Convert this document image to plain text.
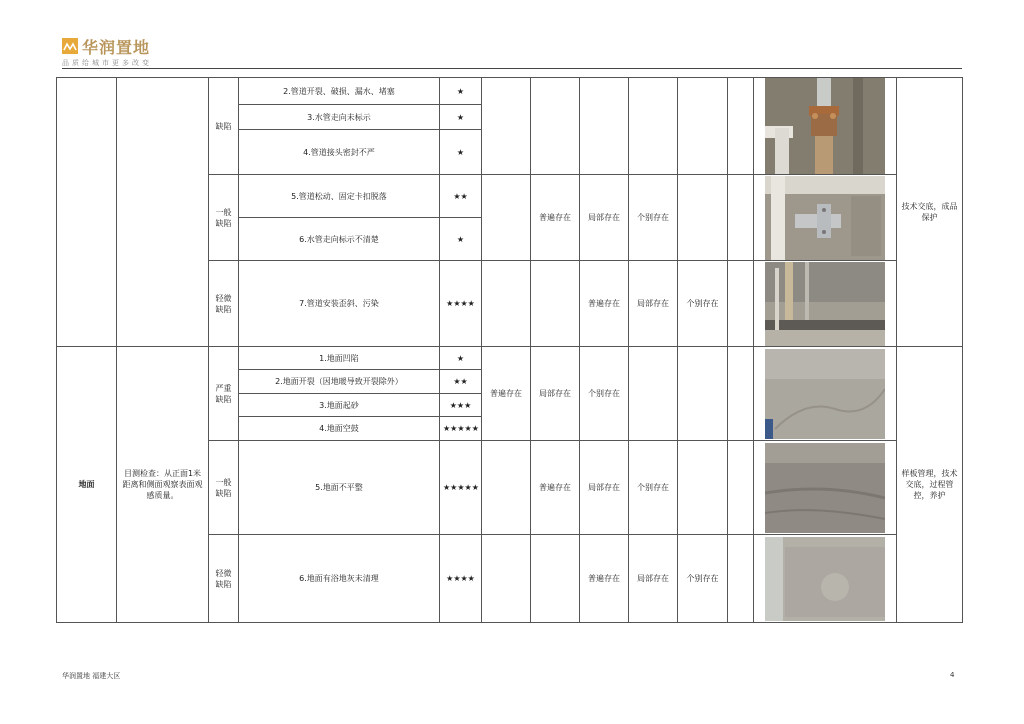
华润置地
品质给城市更多改变
		缺陷	2.管道开裂、破损、漏水、堵塞	★								技术交底，成品保护
			3.水管走向未标示	★								
			4.管道接头密封不严	★								
		一般缺陷	5.管道松动、固定卡扣脱落	★★		普遍存在	局部存在	个别存在			

			6.水管走向标示不清楚	★								
		轻微缺陷	7.管道安装歪斜、污染	★★★★			普遍存在	局部存在	个别存在		

地面	目测检查：从正面1米距离和侧面观察表面观感质量。	严重缺陷	1.地面凹陷	★	普遍存在	局部存在	个别存在					样板管理，技术交底，过程管控，养护
			2.地面开裂（因地暖导致开裂除外）	★★								
			3.地面起砂	★★★								
			4.地面空鼓	★★★★★								
		一般缺陷	5.地面不平整	★★★★★		普遍存在	局部存在	个别存在			

		轻微缺陷	6.地面有浴地灰未清理	★★★★			普遍存在	局部存在	个别存在		
华润置地 福建大区	4
